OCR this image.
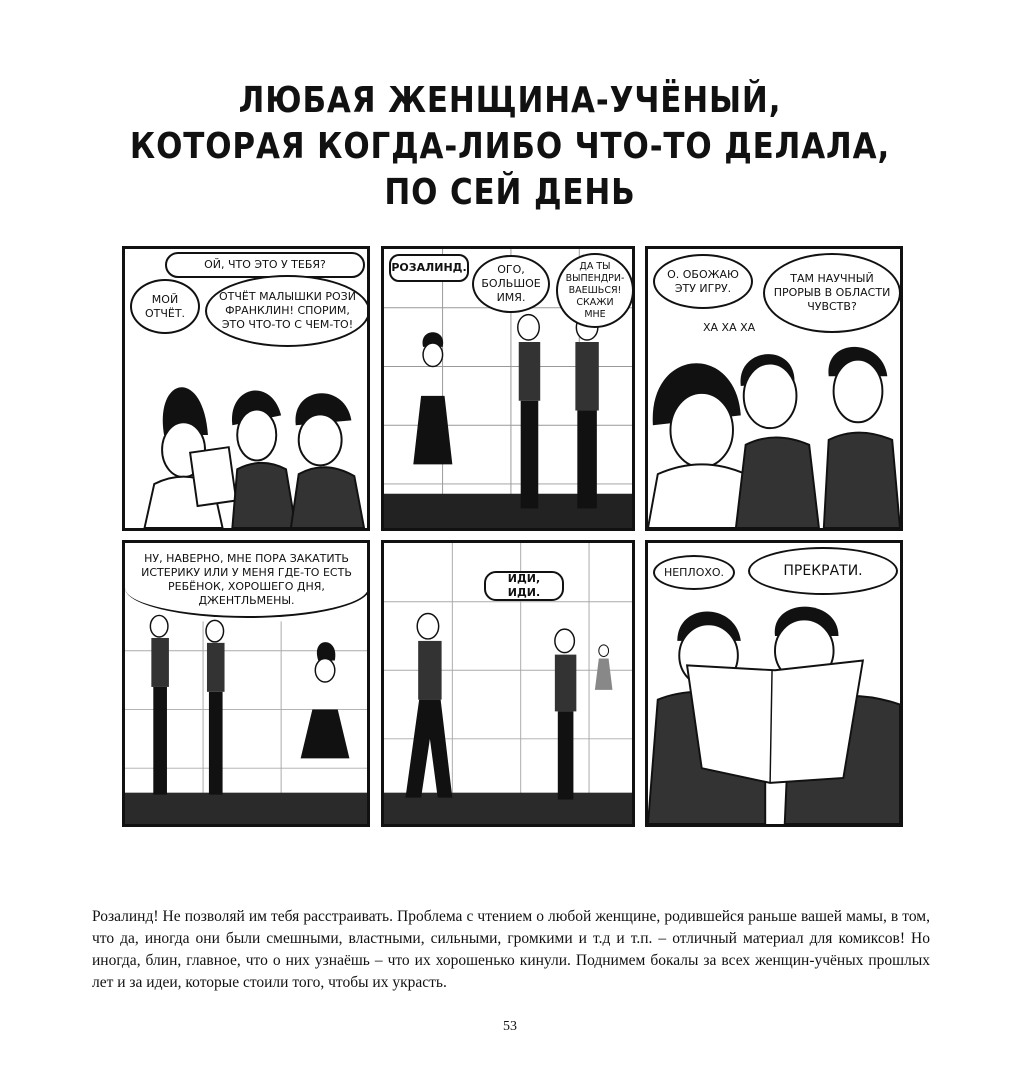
ЛЮБАЯ ЖЕНЩИНА-УЧЁНЫЙ,
КОТОРАЯ КОГДА-ЛИБО ЧТО-ТО ДЕЛАЛА,
ПО СЕЙ ДЕНЬ
ОЙ, ЧТО ЭТО У ТЕБЯ?
МОЙ ОТЧЁТ.
ОТЧЁТ МАЛЫШКИ РОЗИ ФРАНКЛИН! СПОРИМ, ЭТО ЧТО-ТО С ЧЕМ-ТО!
РОЗАЛИНД.	ОГО, БОЛЬШОЕ ИМЯ.
ДА ТЫ ВЫПЕНДРИ-ВАЕШЬСЯ! СКАЖИ МНЕ
О. ОБОЖАЮ ЭТУ ИГРУ.
ТАМ НАУЧНЫЙ ПРОРЫВ В ОБЛАСТИ ЧУВСТВ?
ХА ХА ХА
НУ, НАВЕРНО, МНЕ ПОРА ЗАКАТИТЬ ИСТЕРИКУ ИЛИ У МЕНЯ ГДЕ-ТО ЕСТЬ РЕБЁНОК, ХОРОШЕГО ДНЯ, ДЖЕНТЛЬМЕНЫ.
ИДИ, ИДИ.
НЕПЛОХО.	ПРЕКРАТИ.

Розалинд! Не позволяй им тебя расстраивать. Проблема с чтением о любой женщине, родившейся раньше вашей мамы, в том, что да, иногда они были смешными, властными, сильными, громкими и т.д и т.п. – отличный материал для комиксов! Но иногда, блин, главное, что о них узнаёшь – что их хорошенько кинули. Поднимем бокалы за всех женщин-учёных прошлых лет и за идеи, которые стоили того, чтобы их украсть.

53
